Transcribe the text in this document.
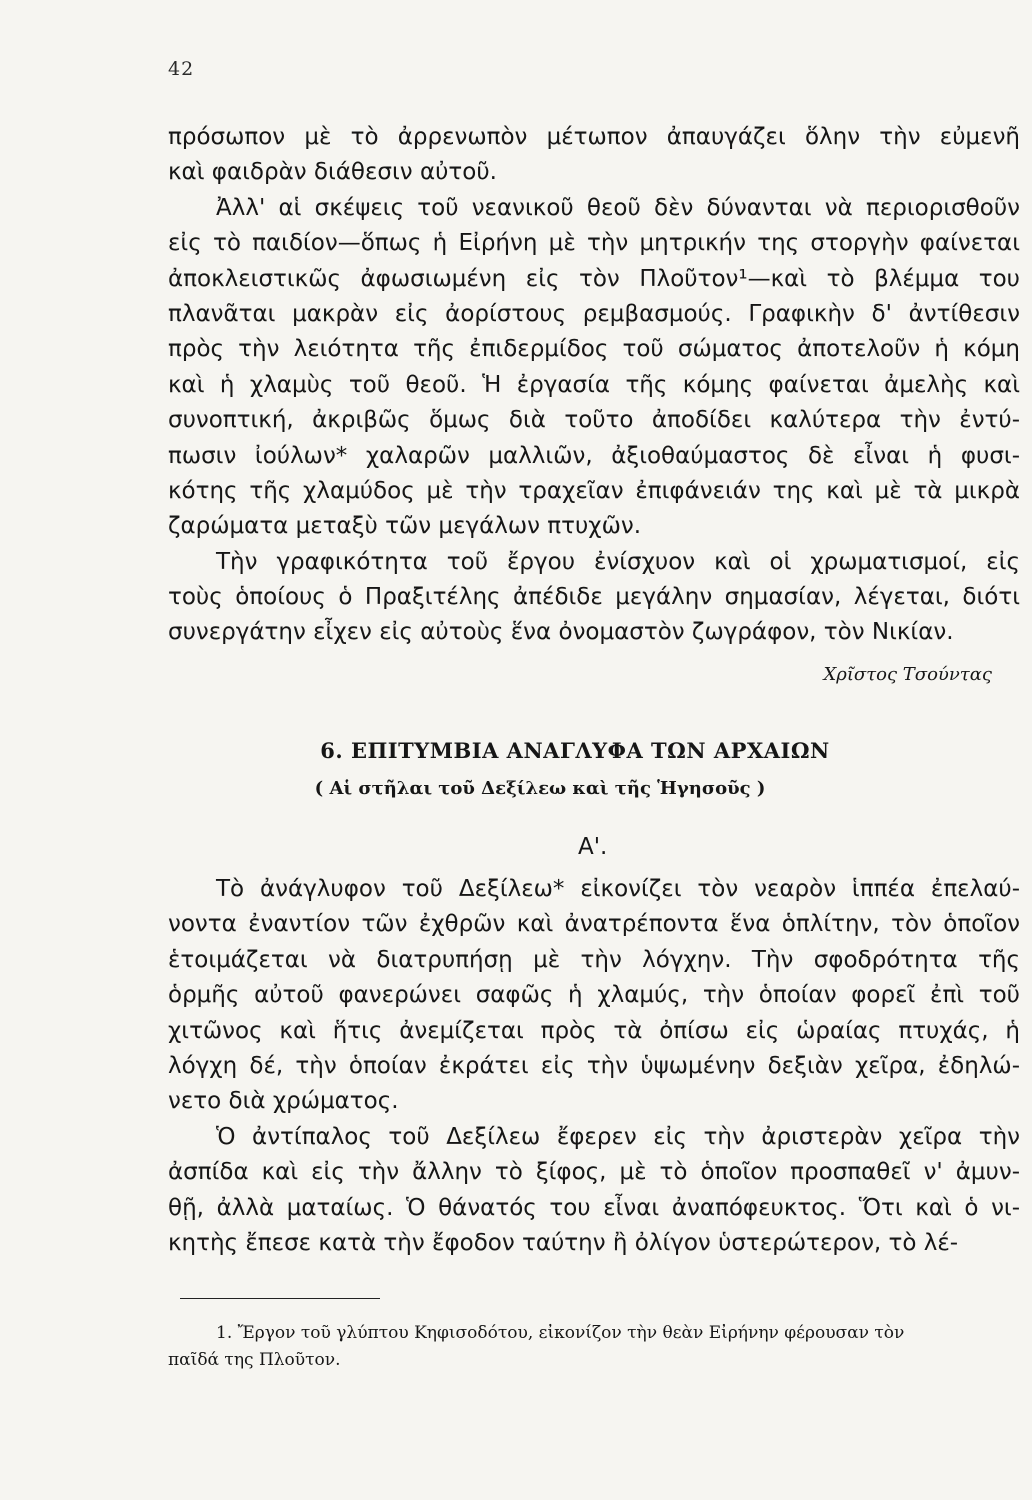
42
πρόσωπον μὲ τὸ ἀρρενωπὸν μέτωπον ἀπαυγάζει ὅλην τὴν εὐμενῆ
καὶ φαιδρὰν διάθεσιν αὐτοῦ.
Ἀλλ' αἱ σκέψεις τοῦ νεανικοῦ θεοῦ δὲν δύνανται νὰ περιορισθοῦν
εἰς τὸ παιδίον—ὅπως ἡ Εἰρήνη μὲ τὴν μητρικήν της στοργὴν φαίνεται
ἀποκλειστικῶς ἀφωσιωμένη εἰς τὸν Πλοῦτον¹—καὶ τὸ βλέμμα του
πλανᾶται μακρὰν εἰς ἀορίστους ρεμβασμούς. Γραφικὴν δ' ἀντίθεσιν
πρὸς τὴν λειότητα τῆς ἐπιδερμίδος τοῦ σώματος ἀποτελοῦν ἡ κόμη
καὶ ἡ χλαμὺς τοῦ θεοῦ. Ἡ ἐργασία τῆς κόμης φαίνεται ἀμελὴς καὶ
συνοπτική, ἀκριβῶς ὅμως διὰ τοῦτο ἀποδίδει καλύτερα τὴν ἐντύ-
πωσιν ἰούλων* χαλαρῶν μαλλιῶν, ἀξιοθαύμαστος δὲ εἶναι ἡ φυσι-
κότης τῆς χλαμύδος μὲ τὴν τραχεῖαν ἐπιφάνειάν της καὶ μὲ τὰ μικρὰ
ζαρώματα μεταξὺ τῶν μεγάλων πτυχῶν.
Τὴν γραφικότητα τοῦ ἔργου ἐνίσχυον καὶ οἱ χρωματισμοί, εἰς
τοὺς ὁποίους ὁ Πραξιτέλης ἀπέδιδε μεγάλην σημασίαν, λέγεται, διότι
συνεργάτην εἶχεν εἰς αὐτοὺς ἕνα ὀνομαστὸν ζωγράφον, τὸν Νικίαν.
Χρῖστος Τσούντας
6. ΕΠΙΤΥΜΒΙΑ ΑΝΑΓΛΥΦΑ ΤΩΝ ΑΡΧΑΙΩΝ
( Αἱ στῆλαι τοῦ Δεξίλεω καὶ τῆς Ἡγησοῦς )
Α'.
Τὸ ἀνάγλυφον τοῦ Δεξίλεω* εἰκονίζει τὸν νεαρὸν ἱππέα ἐπελαύ-
νοντα ἐναντίον τῶν ἐχθρῶν καὶ ἀνατρέποντα ἕνα ὁπλίτην, τὸν ὁποῖον
ἑτοιμάζεται νὰ διατρυπήσῃ μὲ τὴν λόγχην. Τὴν σφοδρότητα τῆς
ὁρμῆς αὐτοῦ φανερώνει σαφῶς ἡ χλαμύς, τὴν ὁποίαν φορεῖ ἐπὶ τοῦ
χιτῶνος καὶ ἥτις ἀνεμίζεται πρὸς τὰ ὀπίσω εἰς ὡραίας πτυχάς, ἡ
λόγχη δέ, τὴν ὁποίαν ἐκράτει εἰς τὴν ὑψωμένην δεξιὰν χεῖρα, ἐδηλώ-
νετο διὰ χρώματος.
Ὁ ἀντίπαλος τοῦ Δεξίλεω ἔφερεν εἰς τὴν ἀριστερὰν χεῖρα τὴν
ἀσπίδα καὶ εἰς τὴν ἄλλην τὸ ξίφος, μὲ τὸ ὁποῖον προσπαθεῖ ν' ἀμυν-
θῇ, ἀλλὰ ματαίως. Ὁ θάνατός του εἶναι ἀναπόφευκτος. Ὅτι καὶ ὁ νι-
κητὴς ἔπεσε κατὰ τὴν ἔφοδον ταύτην ἢ ὀλίγον ὑστερώτερον, τὸ λέ-
1. Ἔργον τοῦ γλύπτου Κηφισοδότου, εἰκονίζον τὴν θεὰν Εἰρήνην φέρουσαν τὸν
παῖδά της Πλοῦτον.
